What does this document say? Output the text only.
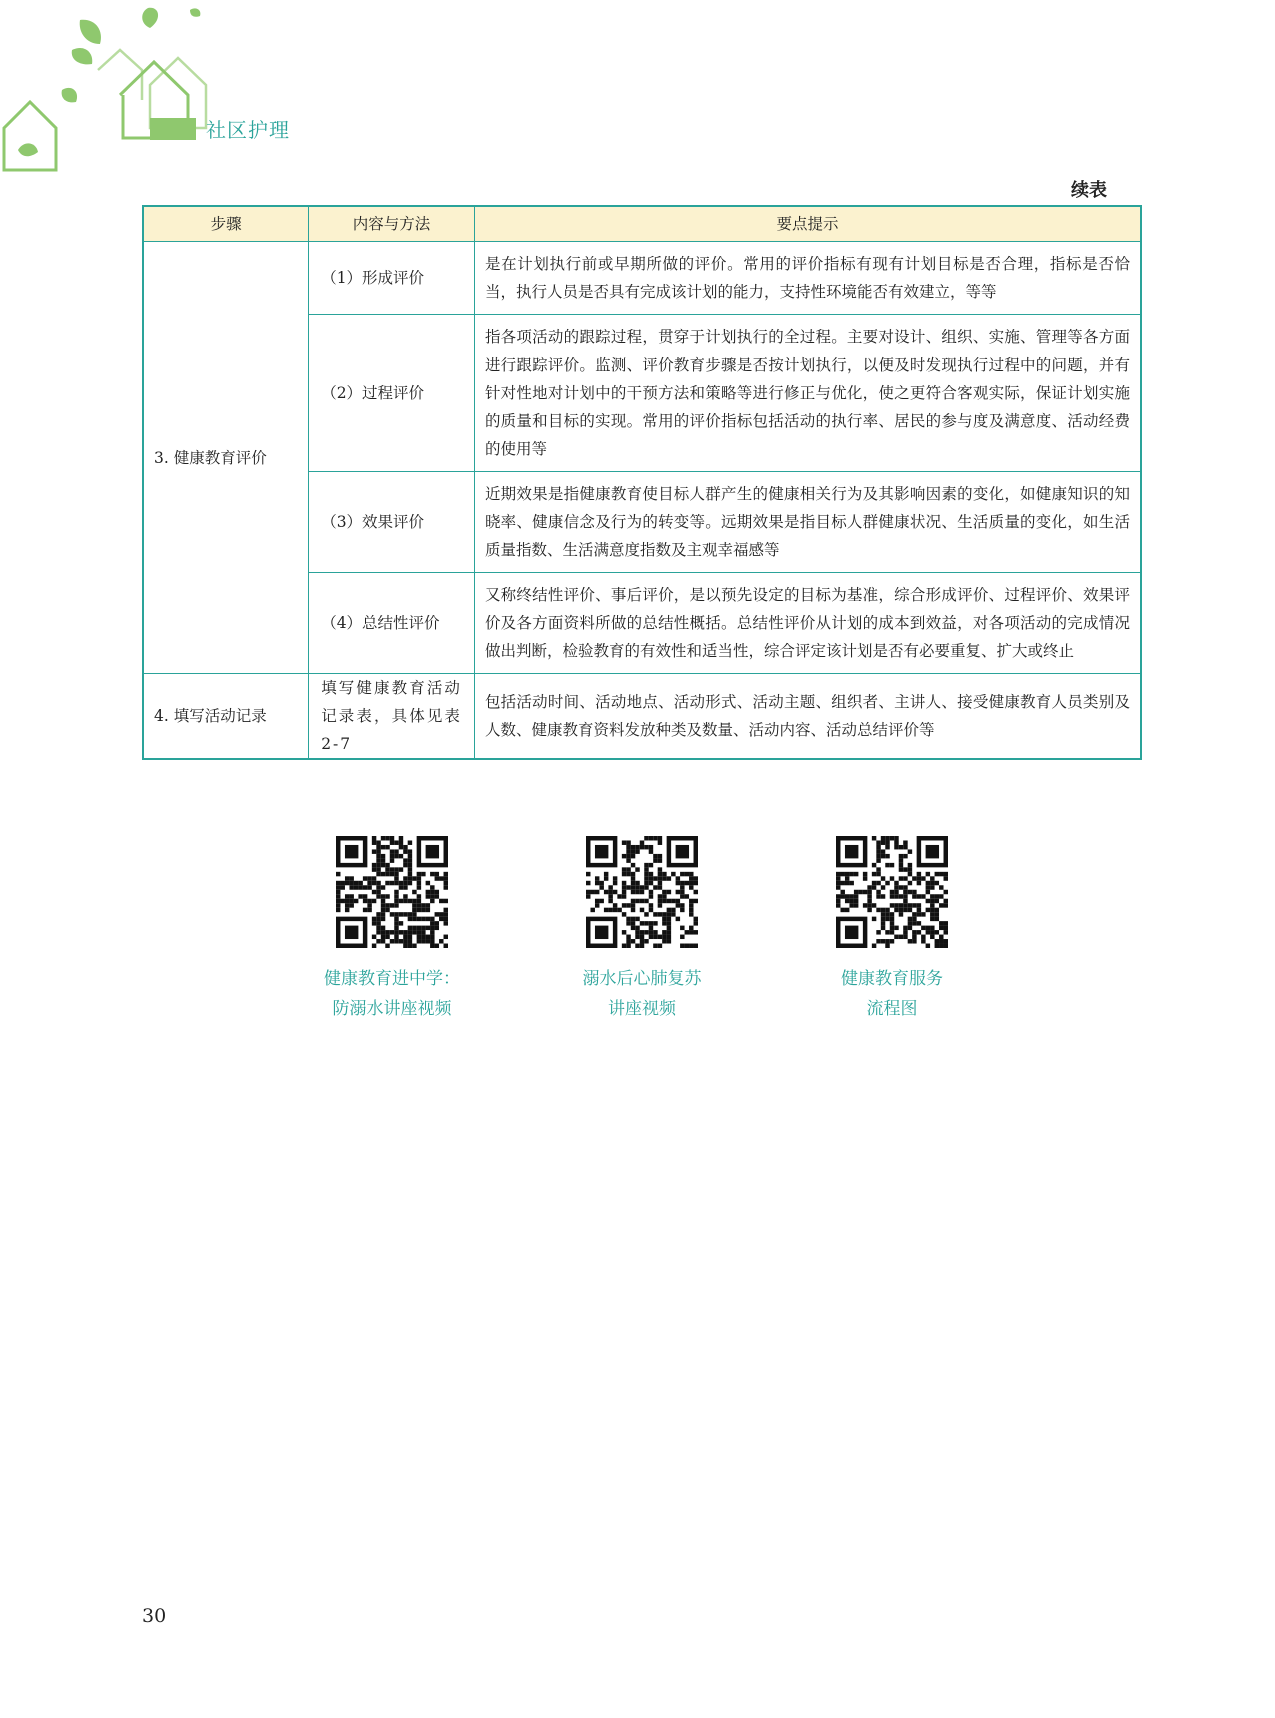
社区护理
续表
步骤	内容与方法	要点提示
3. 健康教育评价	（1）形成评价	是在计划执行前或早期所做的评价。常用的评价指标有现有计划目标是否合理，指标是否恰当，执行人员是否具有完成该计划的能力，支持性环境能否有效建立，等等
	（2）过程评价	指各项活动的跟踪过程，贯穿于计划执行的全过程。主要对设计、组织、实施、管理等各方面进行跟踪评价。监测、评价教育步骤是否按计划执行，以便及时发现执行过程中的问题，并有针对性地对计划中的干预方法和策略等进行修正与优化，使之更符合客观实际，保证计划实施的质量和目标的实现。常用的评价指标包括活动的执行率、居民的参与度及满意度、活动经费的使用等
	（3）效果评价	近期效果是指健康教育使目标人群产生的健康相关行为及其影响因素的变化，如健康知识的知晓率、健康信念及行为的转变等。远期效果是指目标人群健康状况、生活质量的变化，如生活质量指数、生活满意度指数及主观幸福感等
	（4）总结性评价	又称终结性评价、事后评价，是以预先设定的目标为基准，综合形成评价、过程评价、效果评价及各方面资料所做的总结性概括。总结性评价从计划的成本到效益，对各项活动的完成情况做出判断，检验教育的有效性和适当性，综合评定该计划是否有必要重复、扩大或终止
4. 填写活动记录	填写健康教育活动记录表，具体见表2-7	包括活动时间、活动地点、活动形式、活动主题、组织者、主讲人、接受健康教育人员类别及人数、健康教育资料发放种类及数量、活动内容、活动总结评价等
健康教育进中学：
防溺水讲座视频
溺水后心肺复苏
讲座视频
健康教育服务
流程图
30
